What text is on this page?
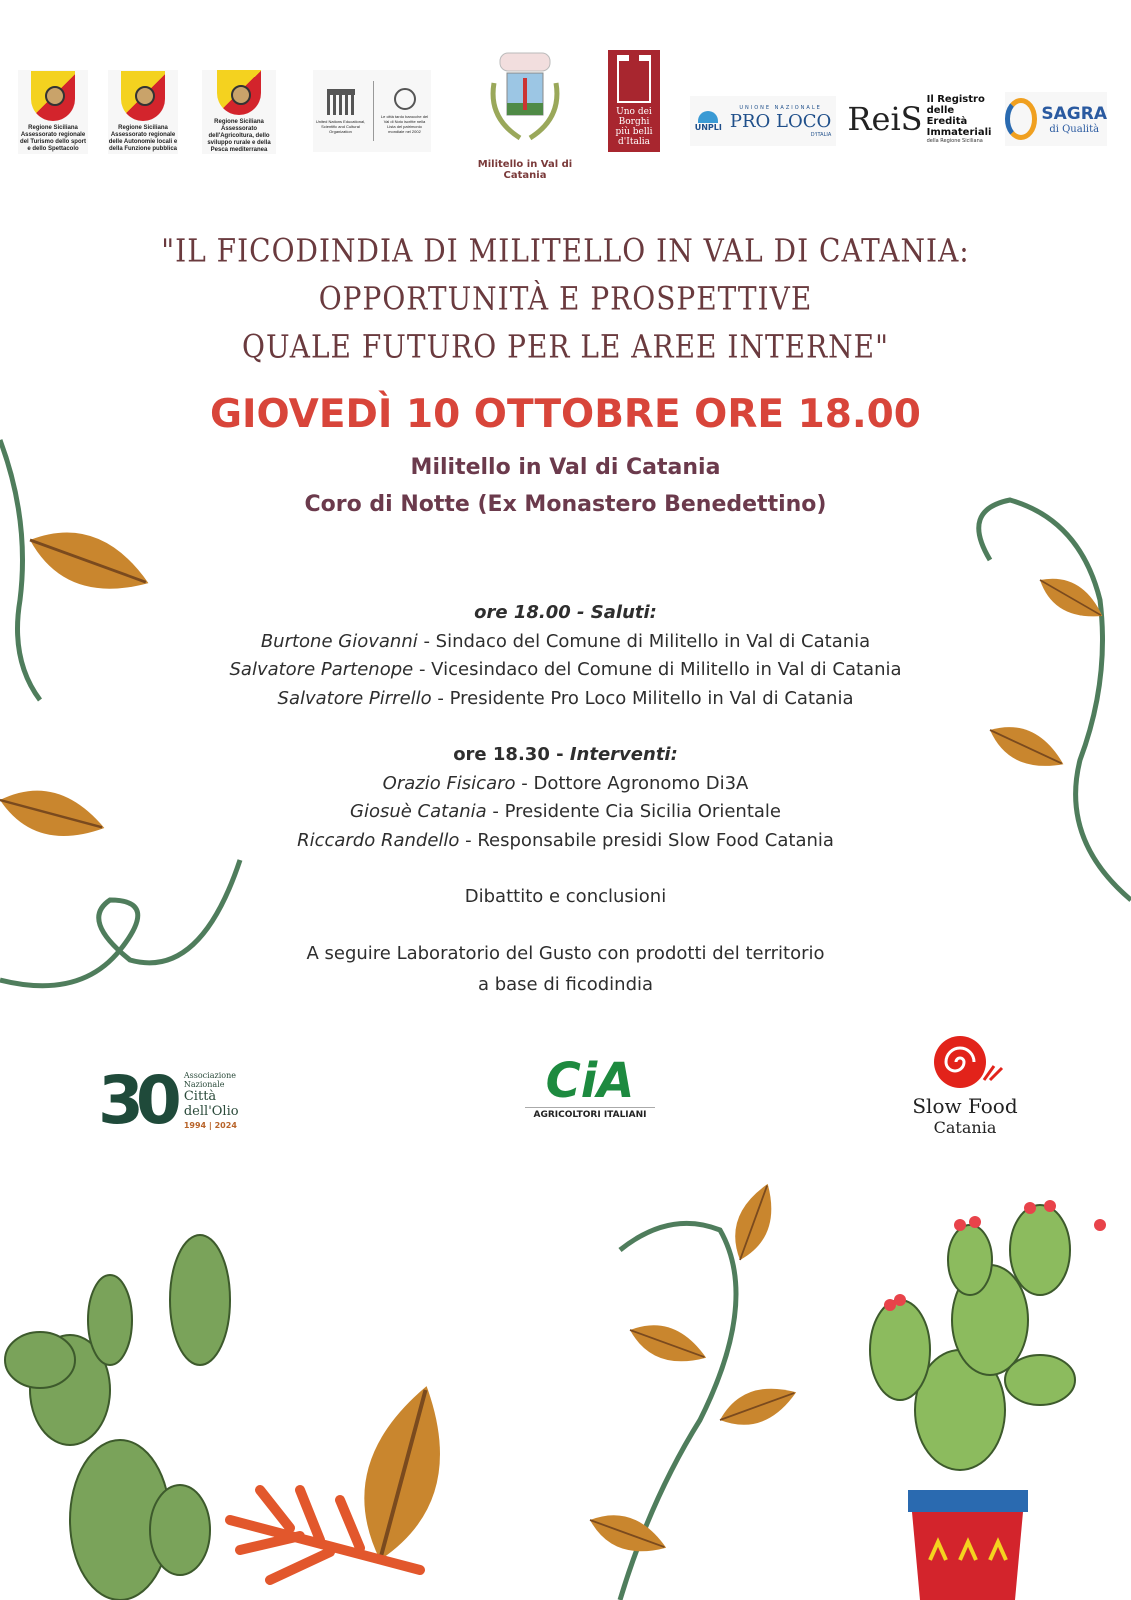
Regione Siciliana Assessorato regionale del Turismo dello sport e dello Spettacolo
Regione Siciliana Assessorato regionale delle Autonomie locali e della Funzione pubblica
Regione Siciliana Assessorato dell'Agricoltura, dello sviluppo rurale e della Pesca mediterranea
United Nations Educational, Scientific and Cultural Organization
Le città tardo barocche del Val di Noto iscritte nella Lista del patrimonio mondiale nel 2002
Militello in Val di Catania
Uno dei Borghi più belli d'Italia
UNPLI
UNIONE NAZIONALE
PRO LOCO
D'ITALIA ReiS
Il Registro delle Eredità Immateriali
della Regione Siciliana
SAGRA
di Qualità
"IL FICODINDIA DI MILITELLO IN VAL DI CATANIA:
OPPORTUNITÀ E PROSPETTIVE
QUALE FUTURO PER LE AREE INTERNE"
GIOVEDÌ 10 OTTOBRE ORE 18.00
Militello in Val di Catania
Coro di Notte (Ex Monastero Benedettino)
ore 18.00 - Saluti:
Burtone Giovanni - Sindaco del Comune di Militello in Val di Catania
Salvatore Partenope - Vicesindaco del Comune di Militello in Val di Catania
Salvatore Pirrello - Presidente Pro Loco Militello in Val di Catania
ore 18.30 - Interventi:
Orazio Fisicaro - Dottore Agronomo Di3A
Giosuè Catania - Presidente Cia Sicilia Orientale
Riccardo Randello - Responsabile presidi Slow Food Catania
Dibattito e conclusioni
A seguire Laboratorio del Gusto con prodotti del territorio
a base di ficodindia
30 Associazione Nazionale
Città dell'Olio
1994 | 2024
CiA
AGRICOLTORI ITALIANI	Slow Food
Catania
